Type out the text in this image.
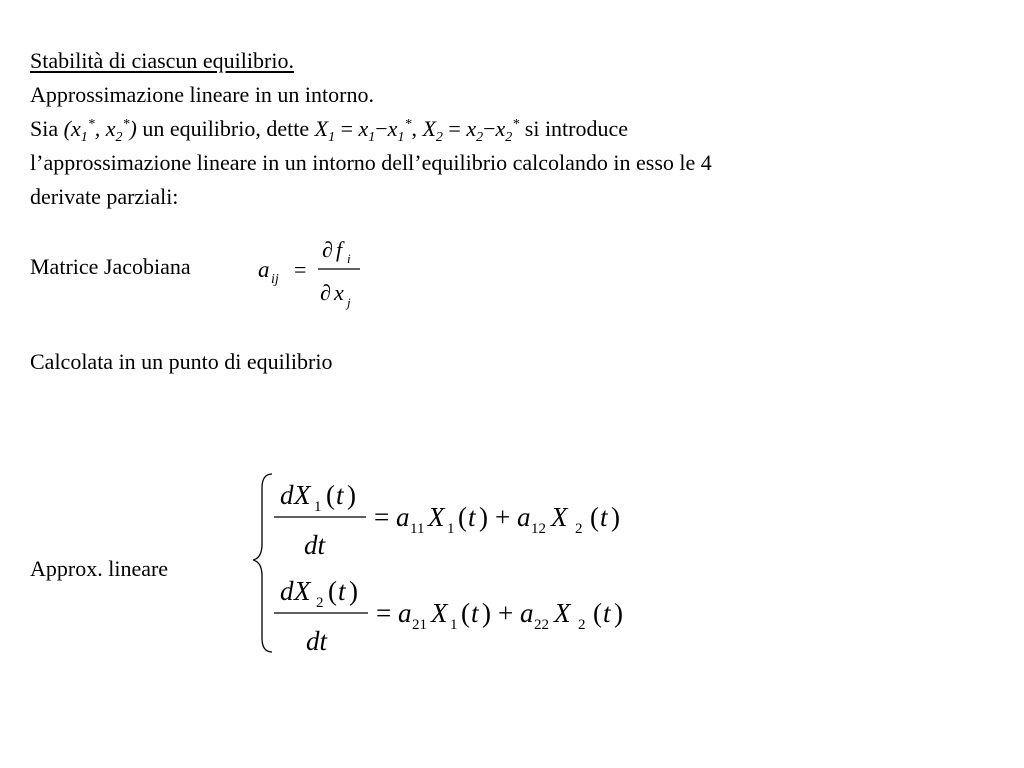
Stabilità di ciascun equilibrio.
Approssimazione lineare in un intorno.
Sia ($x_1^*$, $x_2^*$) un equilibrio, dette $X_1 = x_1-x_1^*$, $X_2 = x_2-x_2^*$ si introduce
l’approssimazione lineare in un intorno dell’equilibrio calcolando in esso le 4
derivate parziali:
Matrice Jacobiana	a ij =
∂ f i
∂ x j
Calcolata in un punto di equilibrio
Approx. lineare
d X 1 ( t )
dt
= a 11 X 1 ( t ) + a 12 X 2 ( t )
d X 2 ( t )
dt
= a 21 X 1 ( t ) + a 22 X 2 ( t )
